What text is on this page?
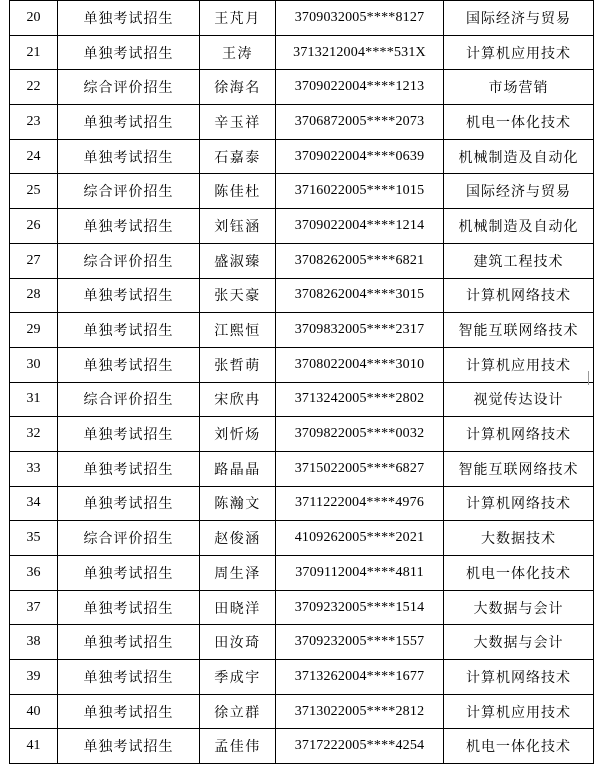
20	单独考试招生	王芃月	3709032005****8127	国际经济与贸易
21	单独考试招生	王涛	3713212004****531X	计算机应用技术
22	综合评价招生	徐海名	3709022004****1213	市场营销
23	单独考试招生	辛玉祥	3706872005****2073	机电一体化技术
24	单独考试招生	石嘉泰	3709022004****0639	机械制造及自动化
25	综合评价招生	陈佳杜	3716022005****1015	国际经济与贸易
26	单独考试招生	刘钰涵	3709022004****1214	机械制造及自动化
27	综合评价招生	盛淑臻	3708262005****6821	建筑工程技术
28	单独考试招生	张天豪	3708262004****3015	计算机网络技术
29	单独考试招生	江熙恒	3709832005****2317	智能互联网络技术
30	单独考试招生	张哲萌	3708022004****3010	计算机应用技术
31	综合评价招生	宋欣冉	3713242005****2802	视觉传达设计
32	单独考试招生	刘忻炀	3709822005****0032	计算机网络技术
33	单独考试招生	路晶晶	3715022005****6827	智能互联网络技术
34	单独考试招生	陈瀚文	3711222004****4976	计算机网络技术
35	综合评价招生	赵俊涵	4109262005****2021	大数据技术
36	单独考试招生	周生泽	3709112004****4811	机电一体化技术
37	单独考试招生	田晓洋	3709232005****1514	大数据与会计
38	单独考试招生	田汝琦	3709232005****1557	大数据与会计
39	单独考试招生	季成宇	3713262004****1677	计算机网络技术
40	单独考试招生	徐立群	3713022005****2812	计算机应用技术
41	单独考试招生	孟佳伟	3717222005****4254	机电一体化技术
